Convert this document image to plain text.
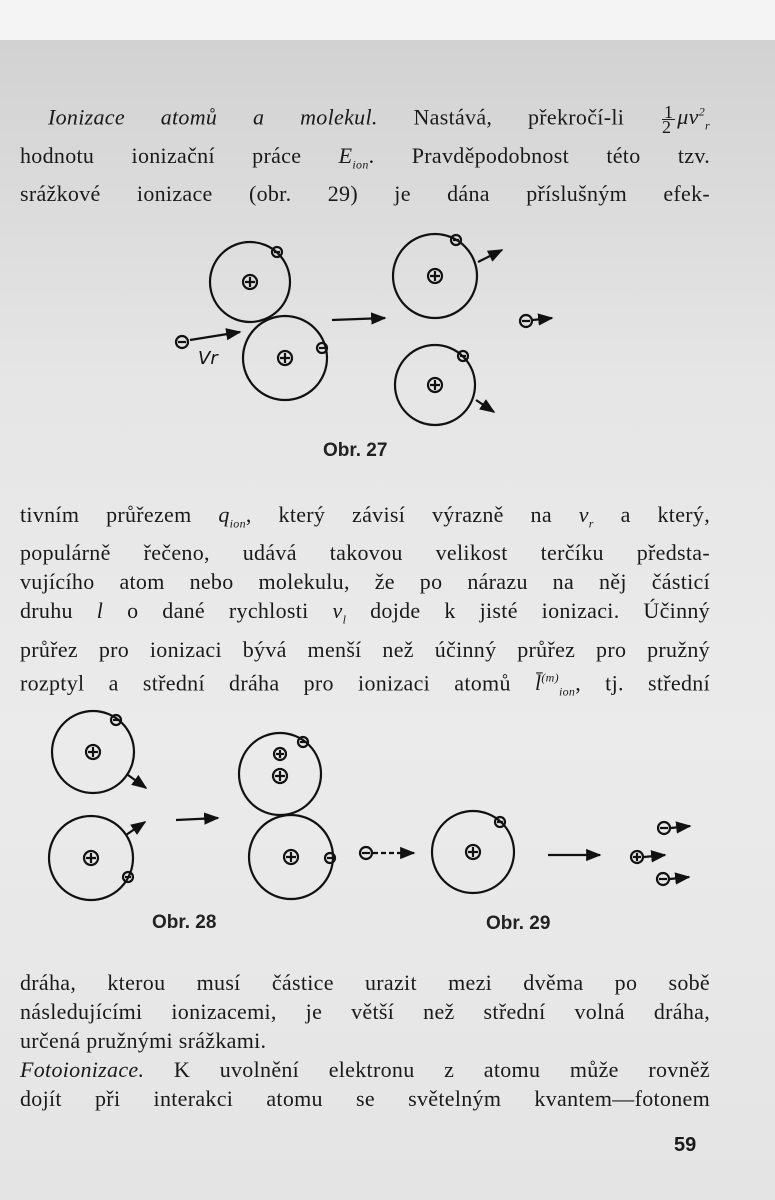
Ionizace atomů a molekul. Nastává, překročí-li $\frac{1}{2} \mu v^2_r$
hodnotu ionizační práce $E_{ion}$. Pravděpodobnost této tzv.
srážkové ionizace (obr. 29) je dána příslušným efek-
Vr
Obr. 27
Obr. 28	Obr. 29
tivním průřezem $q_{ion}$, který závisí výrazně na $v_r$ a který,
populárně řečeno, udává takovou velikost terčíku předsta-
vujícího atom nebo molekulu, že po nárazu na něj částicí
druhu l o dané rychlosti $v_l$ dojde k jisté ionizaci. Účinný
průřez pro ionizaci bývá menší než účinný průřez pro pružný
rozptyl a střední dráha pro ionizaci atomů l̄$^{(m)}_{ion}$, tj. střední
dráha, kterou musí částice urazit mezi dvěma po sobě
následujícími ionizacemi, je větší než střední volná dráha,
určená pružnými srážkami.
Fotoionizace. K uvolnění elektronu z atomu může rovněž
dojít při interakci atomu se světelným kvantem—fotonem
59
